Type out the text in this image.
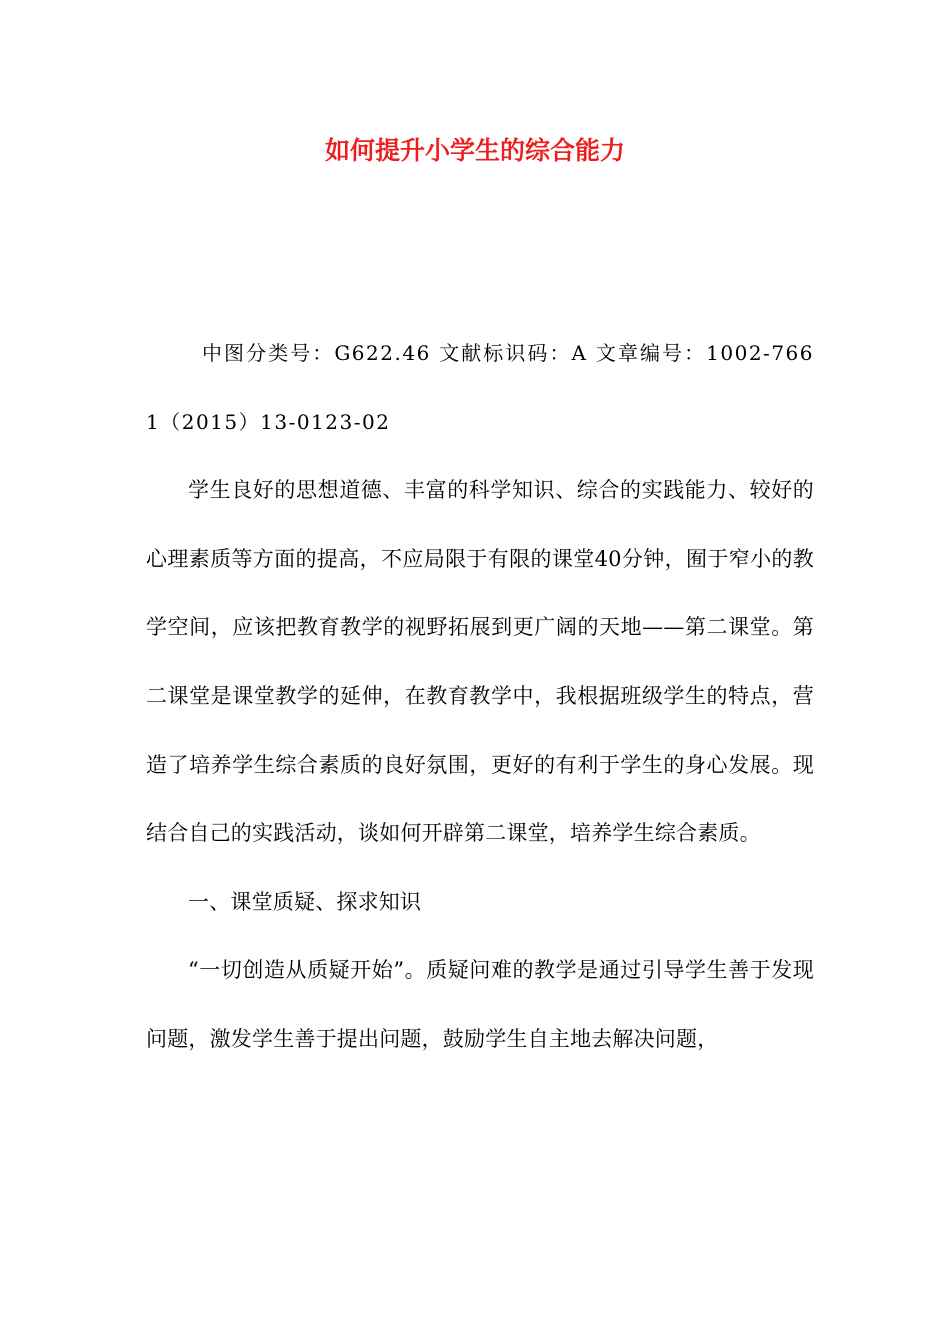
如何提升小学生的综合能力

中图分类号：G622.46 文献标识码：A 文章编号：1002-7661（2015）13-0123-02

学生良好的思想道德、丰富的科学知识、综合的实践能力、较好的心理素质等方面的提高，不应局限于有限的课堂40分钟，囿于窄小的教学空间，应该把教育教学的视野拓展到更广阔的天地——第二课堂。第二课堂是课堂教学的延伸，在教育教学中，我根据班级学生的特点，营造了培养学生综合素质的良好氛围，更好的有利于学生的身心发展。现结合自己的实践活动，谈如何开辟第二课堂，培养学生综合素质。

一、课堂质疑、探求知识

“一切创造从质疑开始”。质疑问难的教学是通过引导学生善于发现问题，激发学生善于提出问题，鼓励学生自主地去解决问题，
